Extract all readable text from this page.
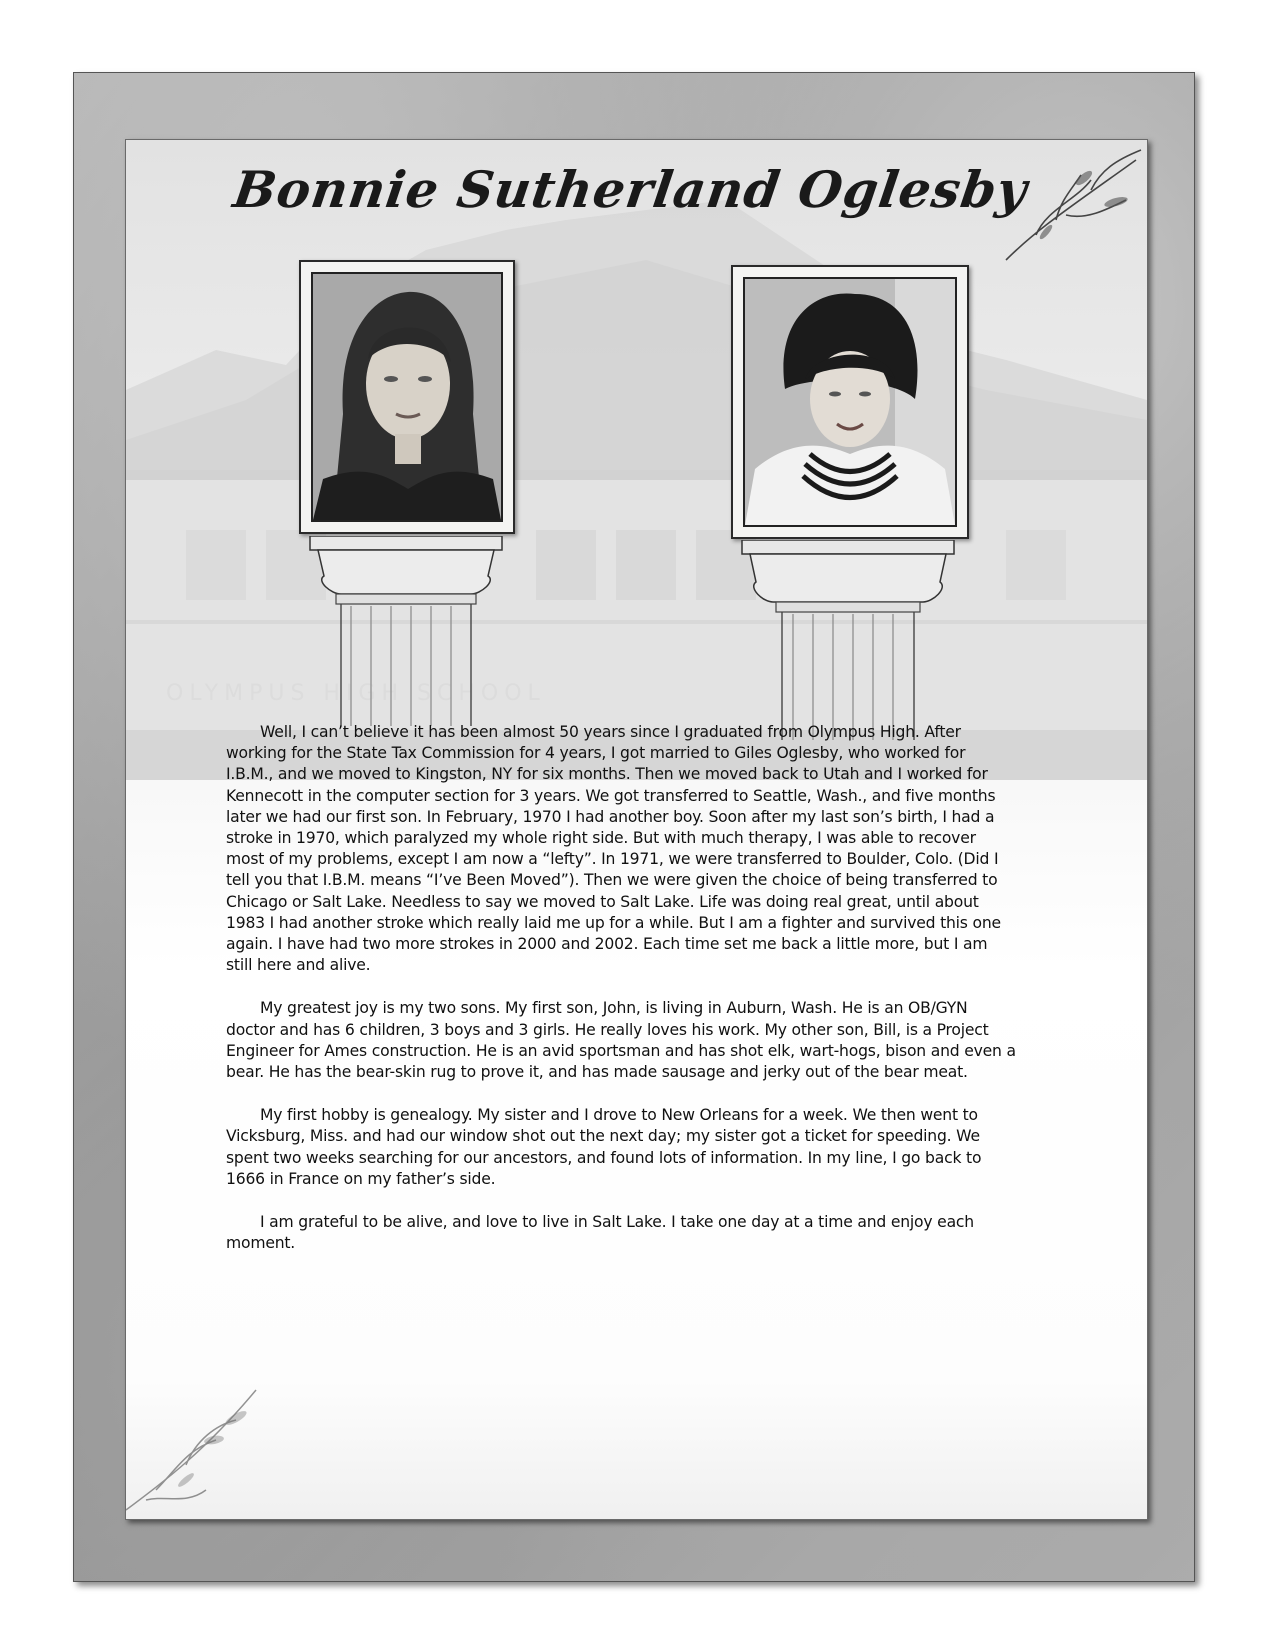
OLYMPUS HIGH SCHOOL
Bonnie Sutherland Oglesby

Well, I can’t believe it has been almost 50 years since I graduated from Olympus High. After working for the State Tax Commission for 4 years, I got married to Giles Oglesby, who worked for I.B.M., and we moved to Kingston, NY for six months. Then we moved back to Utah and I worked for Kennecott in the computer section for 3 years. We got transferred to Seattle, Wash., and five months later we had our first son. In February, 1970 I had another boy. Soon after my last son’s birth, I had a stroke in 1970, which paralyzed my whole right side. But with much therapy, I was able to recover most of my problems, except I am now a “lefty”. In 1971, we were transferred to Boulder, Colo. (Did I tell you that I.B.M. means “I’ve Been Moved”). Then we were given the choice of being transferred to Chicago or Salt Lake. Needless to say we moved to Salt Lake. Life was doing real great, until about 1983 I had another stroke which really laid me up for a while. But I am a fighter and survived this one again. I have had two more strokes in 2000 and 2002. Each time set me back a little more, but I am still here and alive.

My greatest joy is my two sons. My first son, John, is living in Auburn, Wash. He is an OB/GYN doctor and has 6 children, 3 boys and 3 girls. He really loves his work. My other son, Bill, is a Project Engineer for Ames construction. He is an avid sportsman and has shot elk, wart-hogs, bison and even a bear. He has the bear-skin rug to prove it, and has made sausage and jerky out of the bear meat.

My first hobby is genealogy. My sister and I drove to New Orleans for a week. We then went to Vicksburg, Miss. and had our window shot out the next day; my sister got a ticket for speeding. We spent two weeks searching for our ancestors, and found lots of information. In my line, I go back to 1666 in France on my father’s side.

I am grateful to be alive, and love to live in Salt Lake. I take one day at a time and enjoy each moment.
